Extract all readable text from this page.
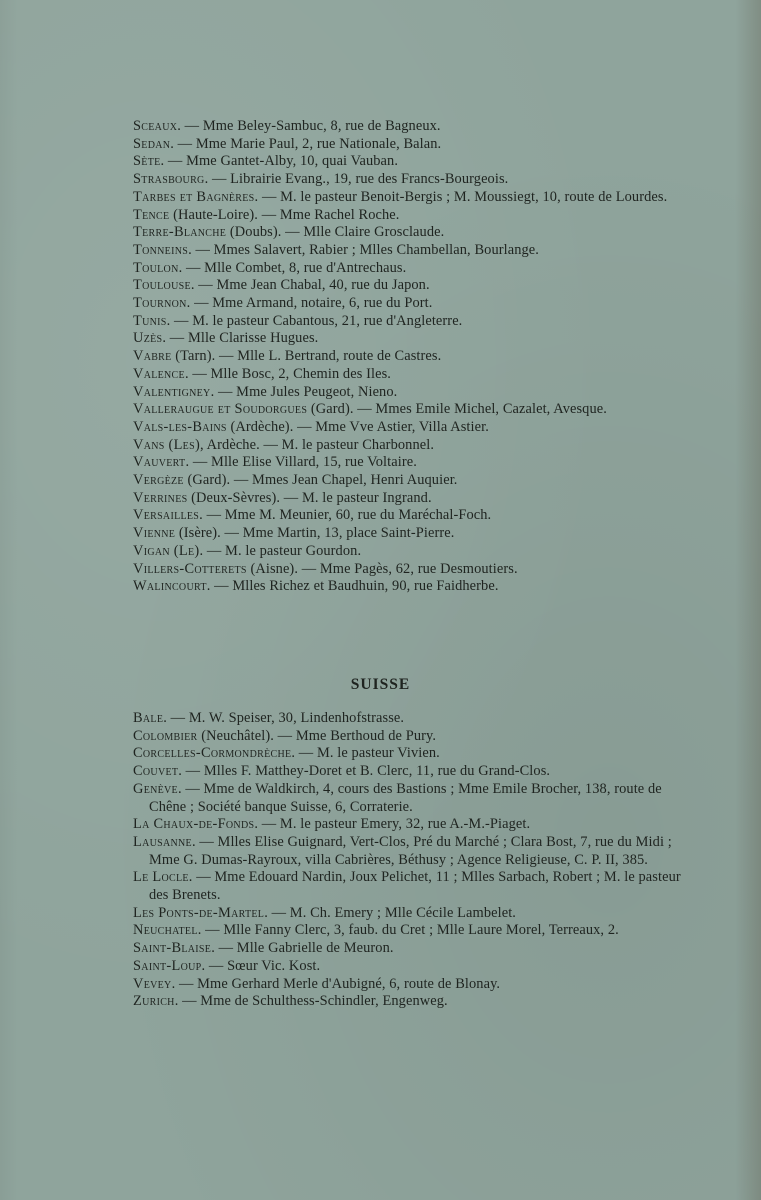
Sceaux. — Mme Beley-Sambuc, 8, rue de Bagneux.

Sedan. — Mme Marie Paul, 2, rue Nationale, Balan.

Sète. — Mme Gantet-Alby, 10, quai Vauban.

Strasbourg. — Librairie Evang., 19, rue des Francs-Bourgeois.

Tarbes et Bagnères. — M. le pasteur Benoit-Bergis ; M. Moussiegt, 10, route de Lourdes.

Tence (Haute-Loire). — Mme Rachel Roche.

Terre-Blanche (Doubs). — Mlle Claire Grosclaude.

Tonneins. — Mmes Salavert, Rabier ; Mlles Chambellan, Bourlange.

Toulon. — Mlle Combet, 8, rue d'Antrechaus.

Toulouse. — Mme Jean Chabal, 40, rue du Japon.

Tournon. — Mme Armand, notaire, 6, rue du Port.

Tunis. — M. le pasteur Cabantous, 21, rue d'Angleterre.

Uzès. — Mlle Clarisse Hugues.

Vabre (Tarn). — Mlle L. Bertrand, route de Castres.

Valence. — Mlle Bosc, 2, Chemin des Iles.

Valentigney. — Mme Jules Peugeot, Nieno.

Valleraugue et Soudorgues (Gard). — Mmes Emile Michel, Cazalet, Avesque.

Vals-les-Bains (Ardèche). — Mme Vve Astier, Villa Astier.

Vans (Les), Ardèche. — M. le pasteur Charbonnel.

Vauvert. — Mlle Elise Villard, 15, rue Voltaire.

Vergèze (Gard). — Mmes Jean Chapel, Henri Auquier.

Verrines (Deux-Sèvres). — M. le pasteur Ingrand.

Versailles. — Mme M. Meunier, 60, rue du Maréchal-Foch.

Vienne (Isère). — Mme Martin, 13, place Saint-Pierre.

Vigan (Le). — M. le pasteur Gourdon.

Villers-Cotterets (Aisne). — Mme Pagès, 62, rue Desmoutiers.

Walincourt. — Mlles Richez et Baudhuin, 90, rue Faidherbe.

SUISSE

Bale. — M. W. Speiser, 30, Lindenhofstrasse.

Colombier (Neuchâtel). — Mme Berthoud de Pury.

Corcelles-Cormondrèche. — M. le pasteur Vivien.

Couvet. — Mlles F. Matthey-Doret et B. Clerc, 11, rue du Grand-Clos.

Genève. — Mme de Waldkirch, 4, cours des Bastions ; Mme Emile Brocher, 138, route de Chêne ; Société banque Suisse, 6, Corraterie.

La Chaux-de-Fonds. — M. le pasteur Emery, 32, rue A.-M.-Piaget.

Lausanne. — Mlles Elise Guignard, Vert-Clos, Pré du Marché ; Clara Bost, 7, rue du Midi ; Mme G. Dumas-Rayroux, villa Cabrières, Béthusy ; Agence Religieuse, C. P. II, 385.

Le Locle. — Mme Edouard Nardin, Joux Pelichet, 11 ; Mlles Sarbach, Robert ; M. le pasteur des Brenets.

Les Ponts-de-Martel. — M. Ch. Emery ; Mlle Cécile Lambelet.

Neuchatel. — Mlle Fanny Clerc, 3, faub. du Cret ; Mlle Laure Morel, Terreaux, 2.

Saint-Blaise. — Mlle Gabrielle de Meuron.

Saint-Loup. — Sœur Vic. Kost.

Vevey. — Mme Gerhard Merle d'Aubigné, 6, route de Blonay.

Zurich. — Mme de Schulthess-Schindler, Engenweg.
